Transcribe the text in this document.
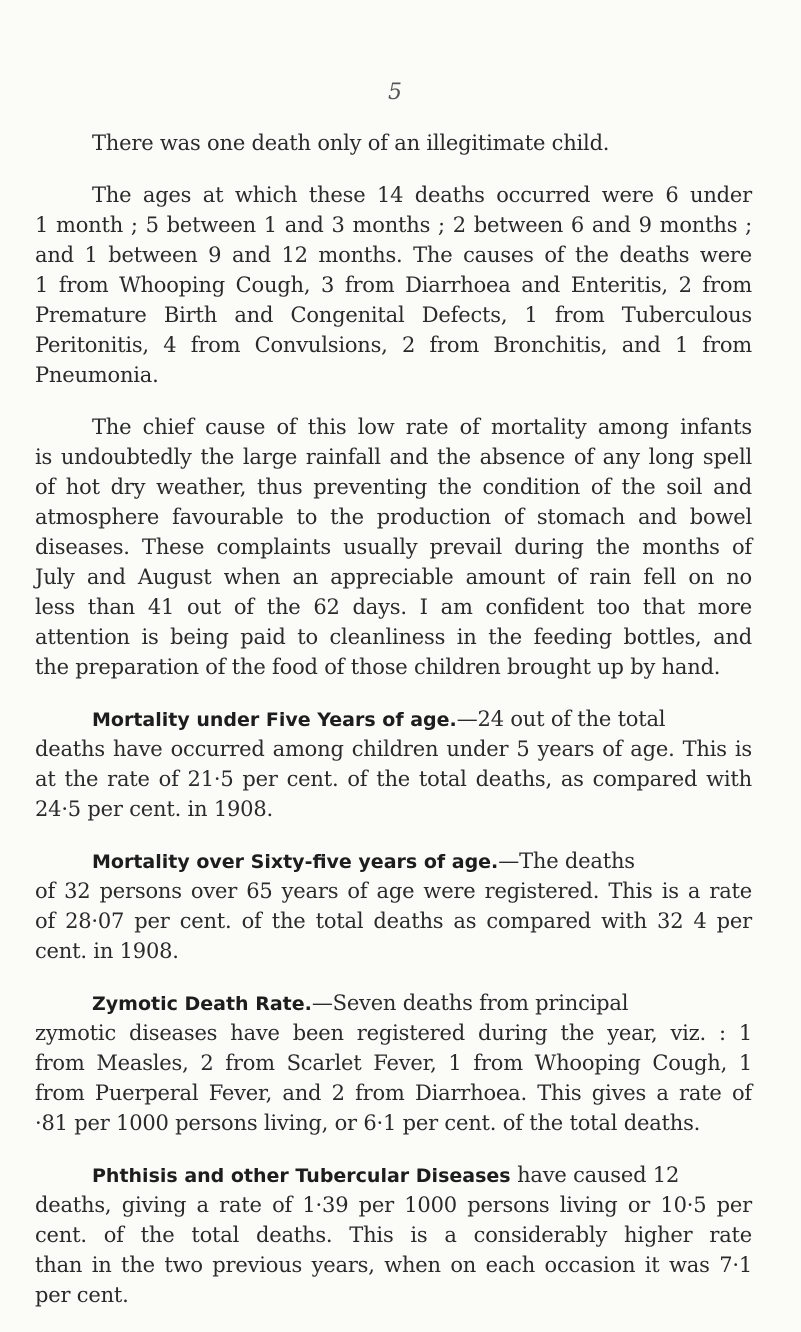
5
There was one death only of an illegitimate child.
The ages at which these 14 deaths occurred were 6 under
1 month ; 5 between 1 and 3 months ; 2 between 6 and 9 months ;
and 1 between 9 and 12 months. The causes of the deaths were
1 from Whooping Cough, 3 from Diarrhoea and Enteritis, 2 from
Premature Birth and Congenital Defects, 1 from Tuberculous
Peritonitis, 4 from Convulsions, 2 from Bronchitis, and 1 from
Pneumonia.
The chief cause of this low rate of mortality among infants
is undoubtedly the large rainfall and the absence of any long spell
of hot dry weather, thus preventing the condition of the soil and
atmosphere favourable to the production of stomach and bowel
diseases. These complaints usually prevail during the months of
July and August when an appreciable amount of rain fell on no
less than 41 out of the 62 days. I am confident too that more
attention is being paid to cleanliness in the feeding bottles, and
the preparation of the food of those children brought up by hand.
Mortality under Five Years of age.—24 out of the total
deaths have occurred among children under 5 years of age. This is
at the rate of 21·5 per cent. of the total deaths, as compared with
24·5 per cent. in 1908.
Mortality over Sixty-five years of age.—The deaths
of 32 persons over 65 years of age were registered. This is a rate
of 28·07 per cent. of the total deaths as compared with 32 4 per
cent. in 1908.
Zymotic Death Rate.—Seven deaths from principal
zymotic diseases have been registered during the year, viz. : 1
from Measles, 2 from Scarlet Fever, 1 from Whooping Cough, 1
from Puerperal Fever, and 2 from Diarrhoea. This gives a rate of
·81 per 1000 persons living, or 6·1 per cent. of the total deaths.
Phthisis and other Tubercular Diseases have caused 12
deaths, giving a rate of 1·39 per 1000 persons living or 10·5 per
cent. of the total deaths. This is a considerably higher rate
than in the two previous years, when on each occasion it was 7·1
per cent.
